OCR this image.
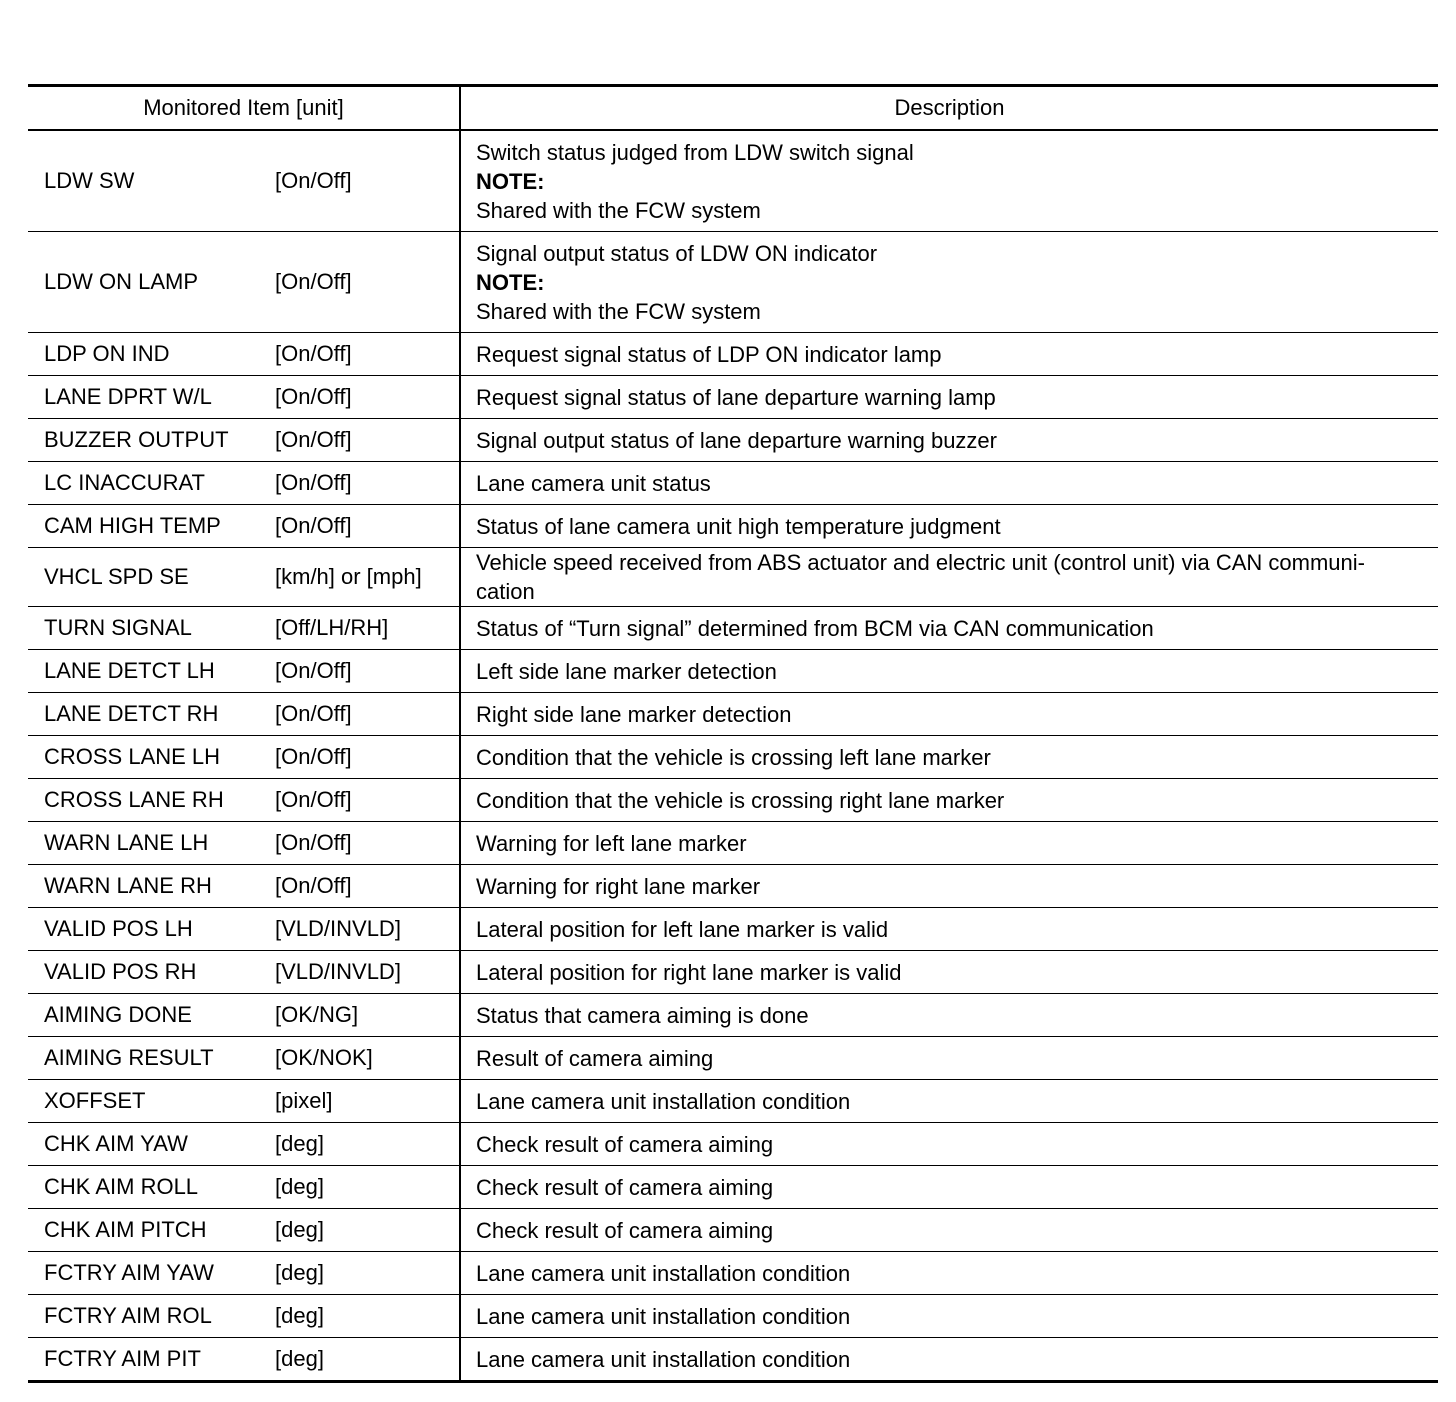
Monitored Item [unit]	Description
LDW SW [On/Off]	Switch status judged from LDW switch signal
NOTE:
Shared with the FCW system

LDW ON LAMP [On/Off]	Signal output status of LDW ON indicator
NOTE:
Shared with the FCW system

LDP ON IND [On/Off]	Request signal status of LDP ON indicator lamp
LANE DPRT W/L [On/Off]	Request signal status of lane departure warning lamp
BUZZER OUTPUT [On/Off]	Signal output status of lane departure warning buzzer
LC INACCURAT [On/Off]	Lane camera unit status
CAM HIGH TEMP [On/Off]	Status of lane camera unit high temperature judgment
VHCL SPD SE [km/h] or [mph]	Vehicle speed received from ABS actuator and electric unit (control unit) via CAN communi-
cation

TURN SIGNAL [Off/LH/RH]	Status of “Turn signal” determined from BCM via CAN communication
LANE DETCT LH [On/Off]	Left side lane marker detection
LANE DETCT RH [On/Off]	Right side lane marker detection
CROSS LANE LH [On/Off]	Condition that the vehicle is crossing left lane marker
CROSS LANE RH [On/Off]	Condition that the vehicle is crossing right lane marker
WARN LANE LH [On/Off]	Warning for left lane marker
WARN LANE RH [On/Off]	Warning for right lane marker
VALID POS LH [VLD/INVLD]	Lateral position for left lane marker is valid
VALID POS RH [VLD/INVLD]	Lateral position for right lane marker is valid
AIMING DONE [OK/NG]	Status that camera aiming is done
AIMING RESULT [OK/NOK]	Result of camera aiming
XOFFSET [pixel]	Lane camera unit installation condition
CHK AIM YAW [deg]	Check result of camera aiming
CHK AIM ROLL [deg]	Check result of camera aiming
CHK AIM PITCH [deg]	Check result of camera aiming
FCTRY AIM YAW [deg]	Lane camera unit installation condition
FCTRY AIM ROL [deg]	Lane camera unit installation condition
FCTRY AIM PIT [deg]	Lane camera unit installation condition
